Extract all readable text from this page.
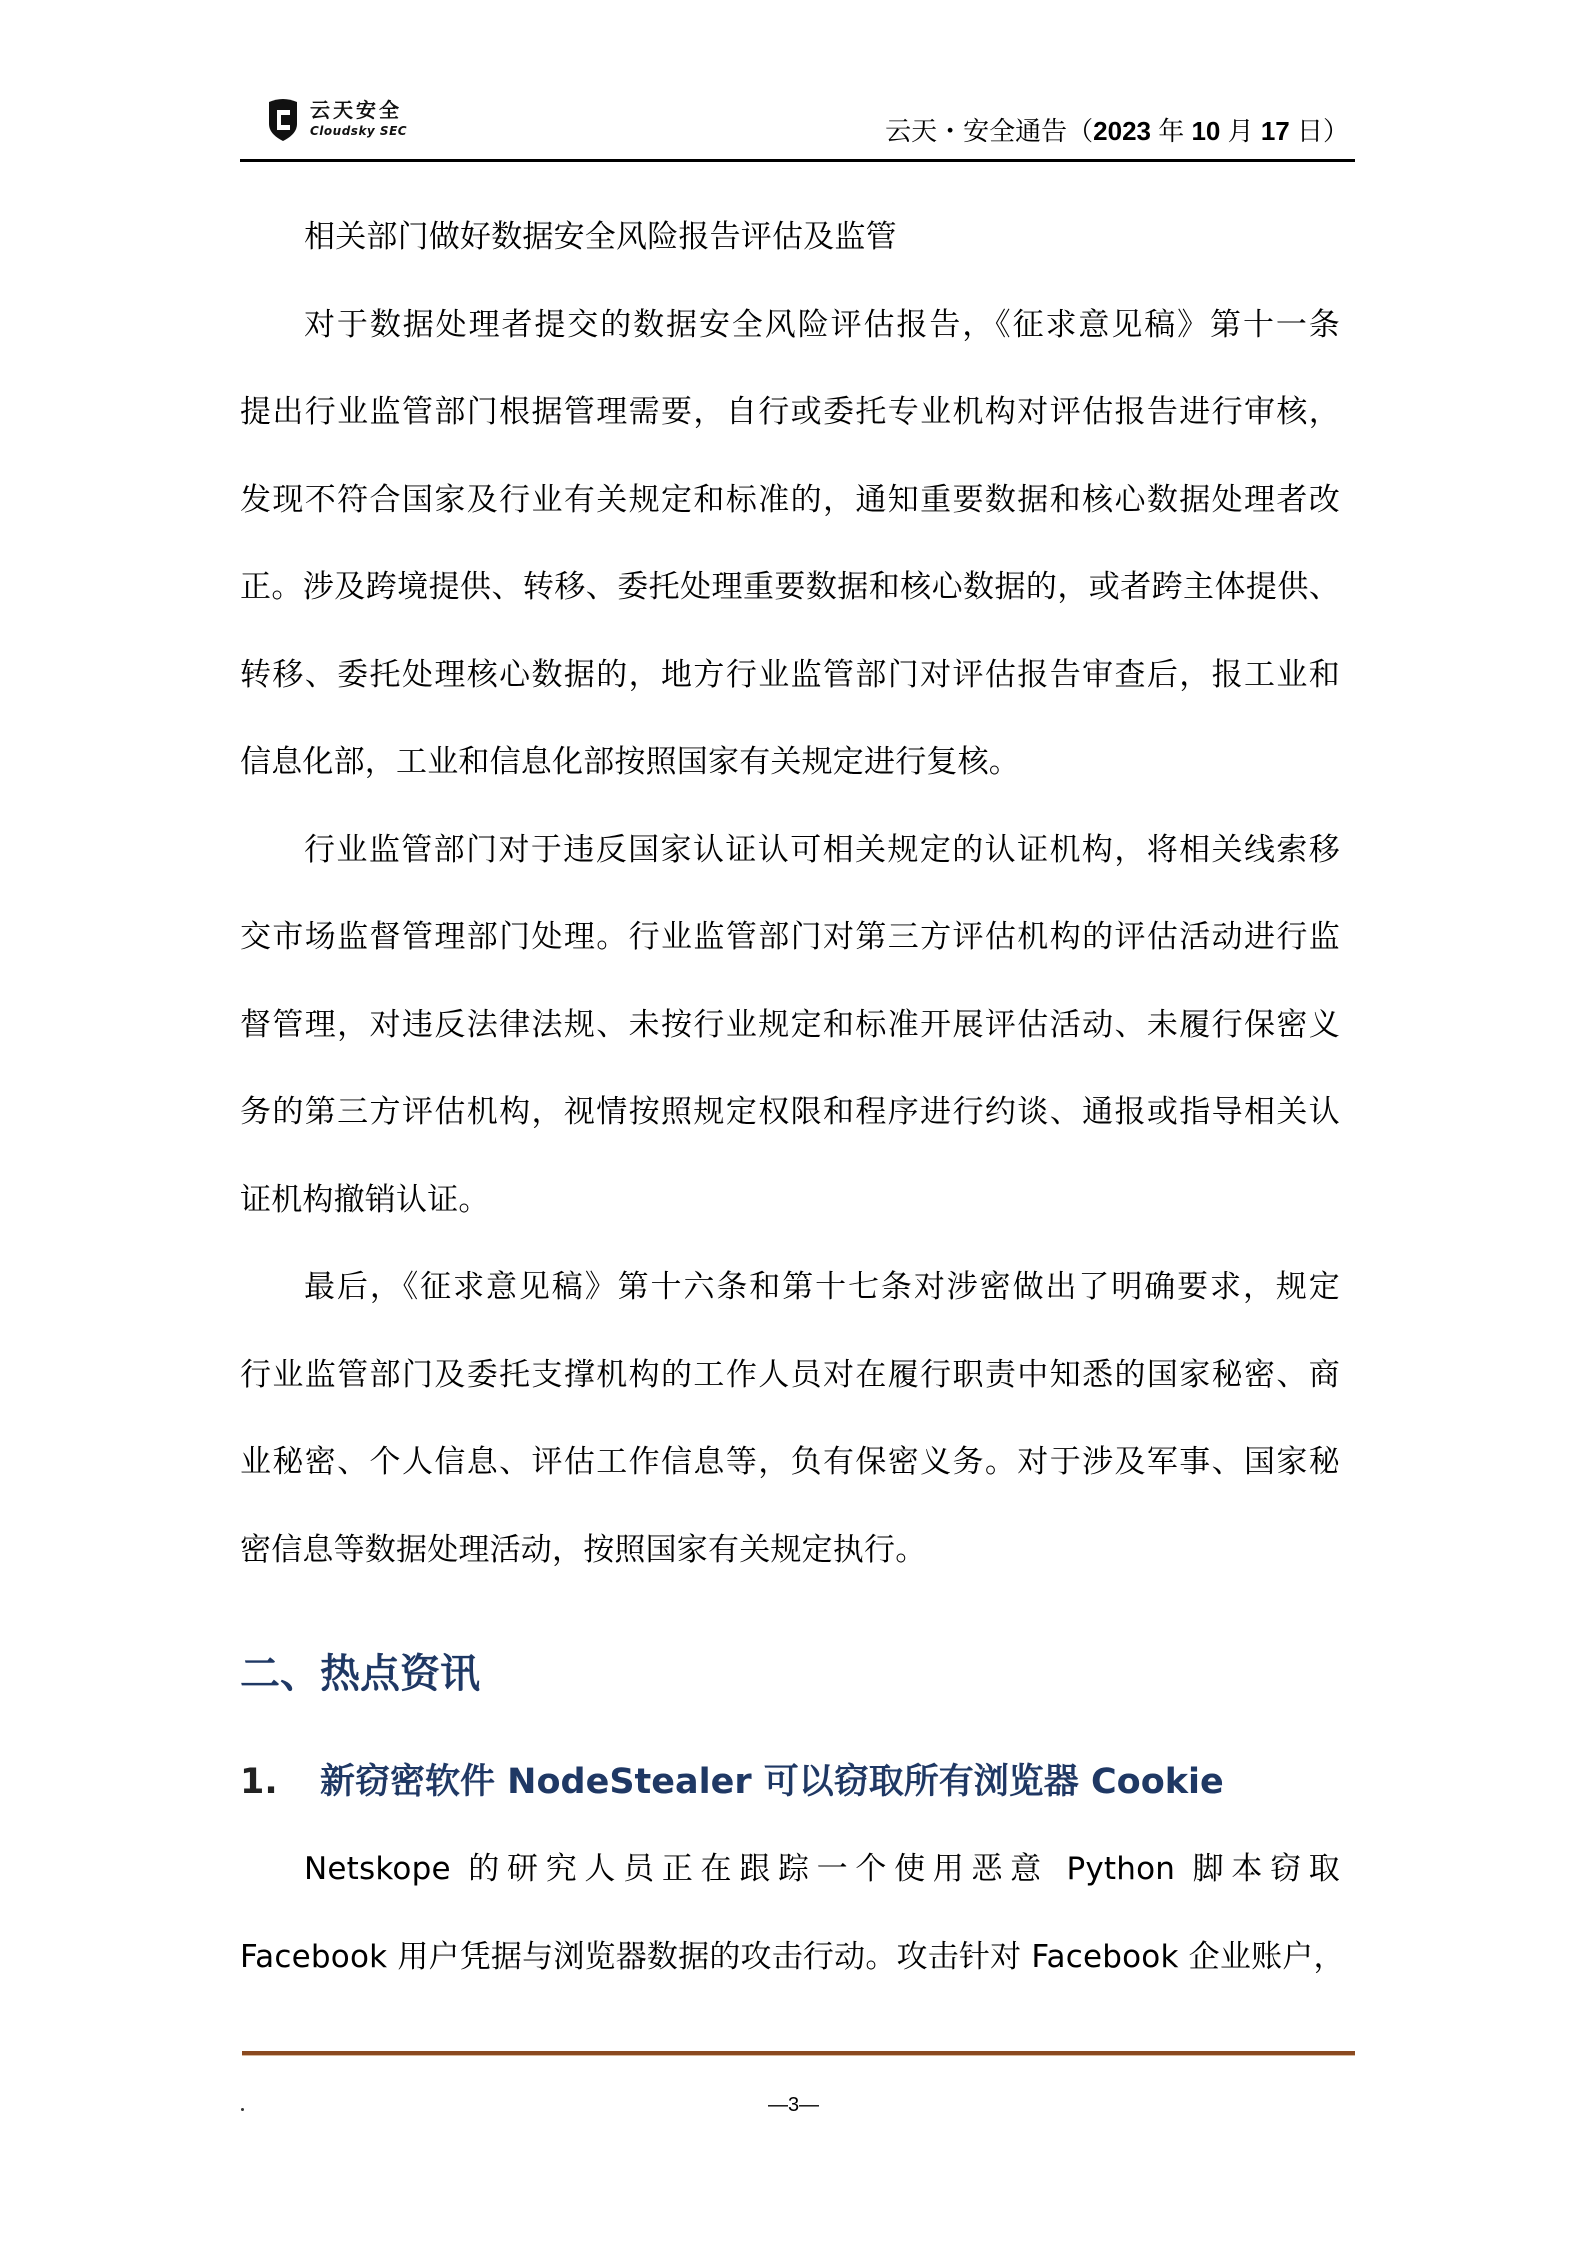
云天安全
Cloudsky SEC	云天・安全通告（2023 年 10 月 17 日）
相关部门做好数据安全风险报告评估及监管
对于数据处理者提交的数据安全风险评估报告，《征求意见稿》第十一条
提出行业监管部门根据管理需要，自行或委托专业机构对评估报告进行审核，
发现不符合国家及行业有关规定和标准的，通知重要数据和核心数据处理者改
正。涉及跨境提供、转移、委托处理重要数据和核心数据的，或者跨主体提供、
转移、委托处理核心数据的，地方行业监管部门对评估报告审查后，报工业和
信息化部，工业和信息化部按照国家有关规定进行复核。
行业监管部门对于违反国家认证认可相关规定的认证机构，将相关线索移
交市场监督管理部门处理。行业监管部门对第三方评估机构的评估活动进行监
督管理，对违反法律法规、未按行业规定和标准开展评估活动、未履行保密义
务的第三方评估机构，视情按照规定权限和程序进行约谈、通报或指导相关认
证机构撤销认证。
最后，《征求意见稿》第十六条和第十七条对涉密做出了明确要求，规定
行业监管部门及委托支撑机构的工作人员对在履行职责中知悉的国家秘密、商
业秘密、个人信息、评估工作信息等，负有保密义务。对于涉及军事、国家秘
密信息等数据处理活动，按照国家有关规定执行。
二、热点资讯
1. 新窃密软件 NodeStealer 可以窃取所有浏览器 Cookie
Netskope 的研究人员正在跟踪一个使用恶意 Python 脚本窃取
Facebook 用户凭据与浏览器数据的攻击行动。攻击针对 Facebook 企业账户，
—3—
